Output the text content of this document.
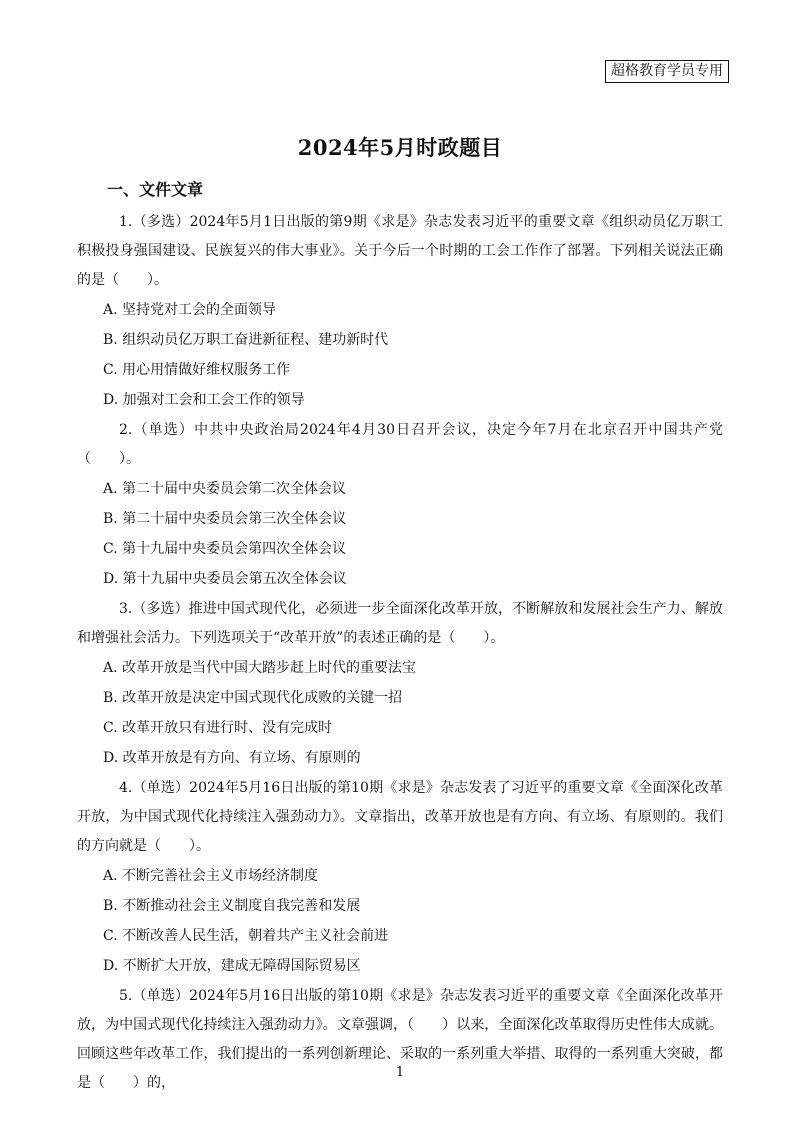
超格教育学员专用
2024年5月时政题目
一、文件文章

1.（多选）2024年5月1日出版的第9期《求是》杂志发表习近平的重要文章《组织动员亿万职工积极投身强国建设、民族复兴的伟大事业》。关于今后一个时期的工会工作作了部署。下列相关说法正确的是（　　）。

A. 坚持党对工会的全面领导

B. 组织动员亿万职工奋进新征程、建功新时代

C. 用心用情做好维权服务工作

D. 加强对工会和工会工作的领导

2.（单选）中共中央政治局2024年4月30日召开会议，决定今年7月在北京召开中国共产党（　　）。

A. 第二十届中央委员会第二次全体会议

B. 第二十届中央委员会第三次全体会议

C. 第十九届中央委员会第四次全体会议

D. 第十九届中央委员会第五次全体会议

3.（多选）推进中国式现代化，必须进一步全面深化改革开放，不断解放和发展社会生产力、解放和增强社会活力。下列选项关于“改革开放”的表述正确的是（　　）。

A. 改革开放是当代中国大踏步赶上时代的重要法宝

B. 改革开放是决定中国式现代化成败的关键一招

C. 改革开放只有进行时、没有完成时

D. 改革开放是有方向、有立场、有原则的

4.（单选）2024年5月16日出版的第10期《求是》杂志发表了习近平的重要文章《全面深化改革开放，为中国式现代化持续注入强劲动力》。文章指出，改革开放也是有方向、有立场、有原则的。我们的方向就是（　　）。

A. 不断完善社会主义市场经济制度

B. 不断推动社会主义制度自我完善和发展

C. 不断改善人民生活，朝着共产主义社会前进

D. 不断扩大开放，建成无障碍国际贸易区

5.（单选）2024年5月16日出版的第10期《求是》杂志发表习近平的重要文章《全面深化改革开放，为中国式现代化持续注入强劲动力》。文章强调，（　　）以来，全面深化改革取得历史性伟大成就。回顾这些年改革工作，我们提出的一系列创新理论、采取的一系列重大举措、取得的一系列重大突破，都是（　　）的，

1
